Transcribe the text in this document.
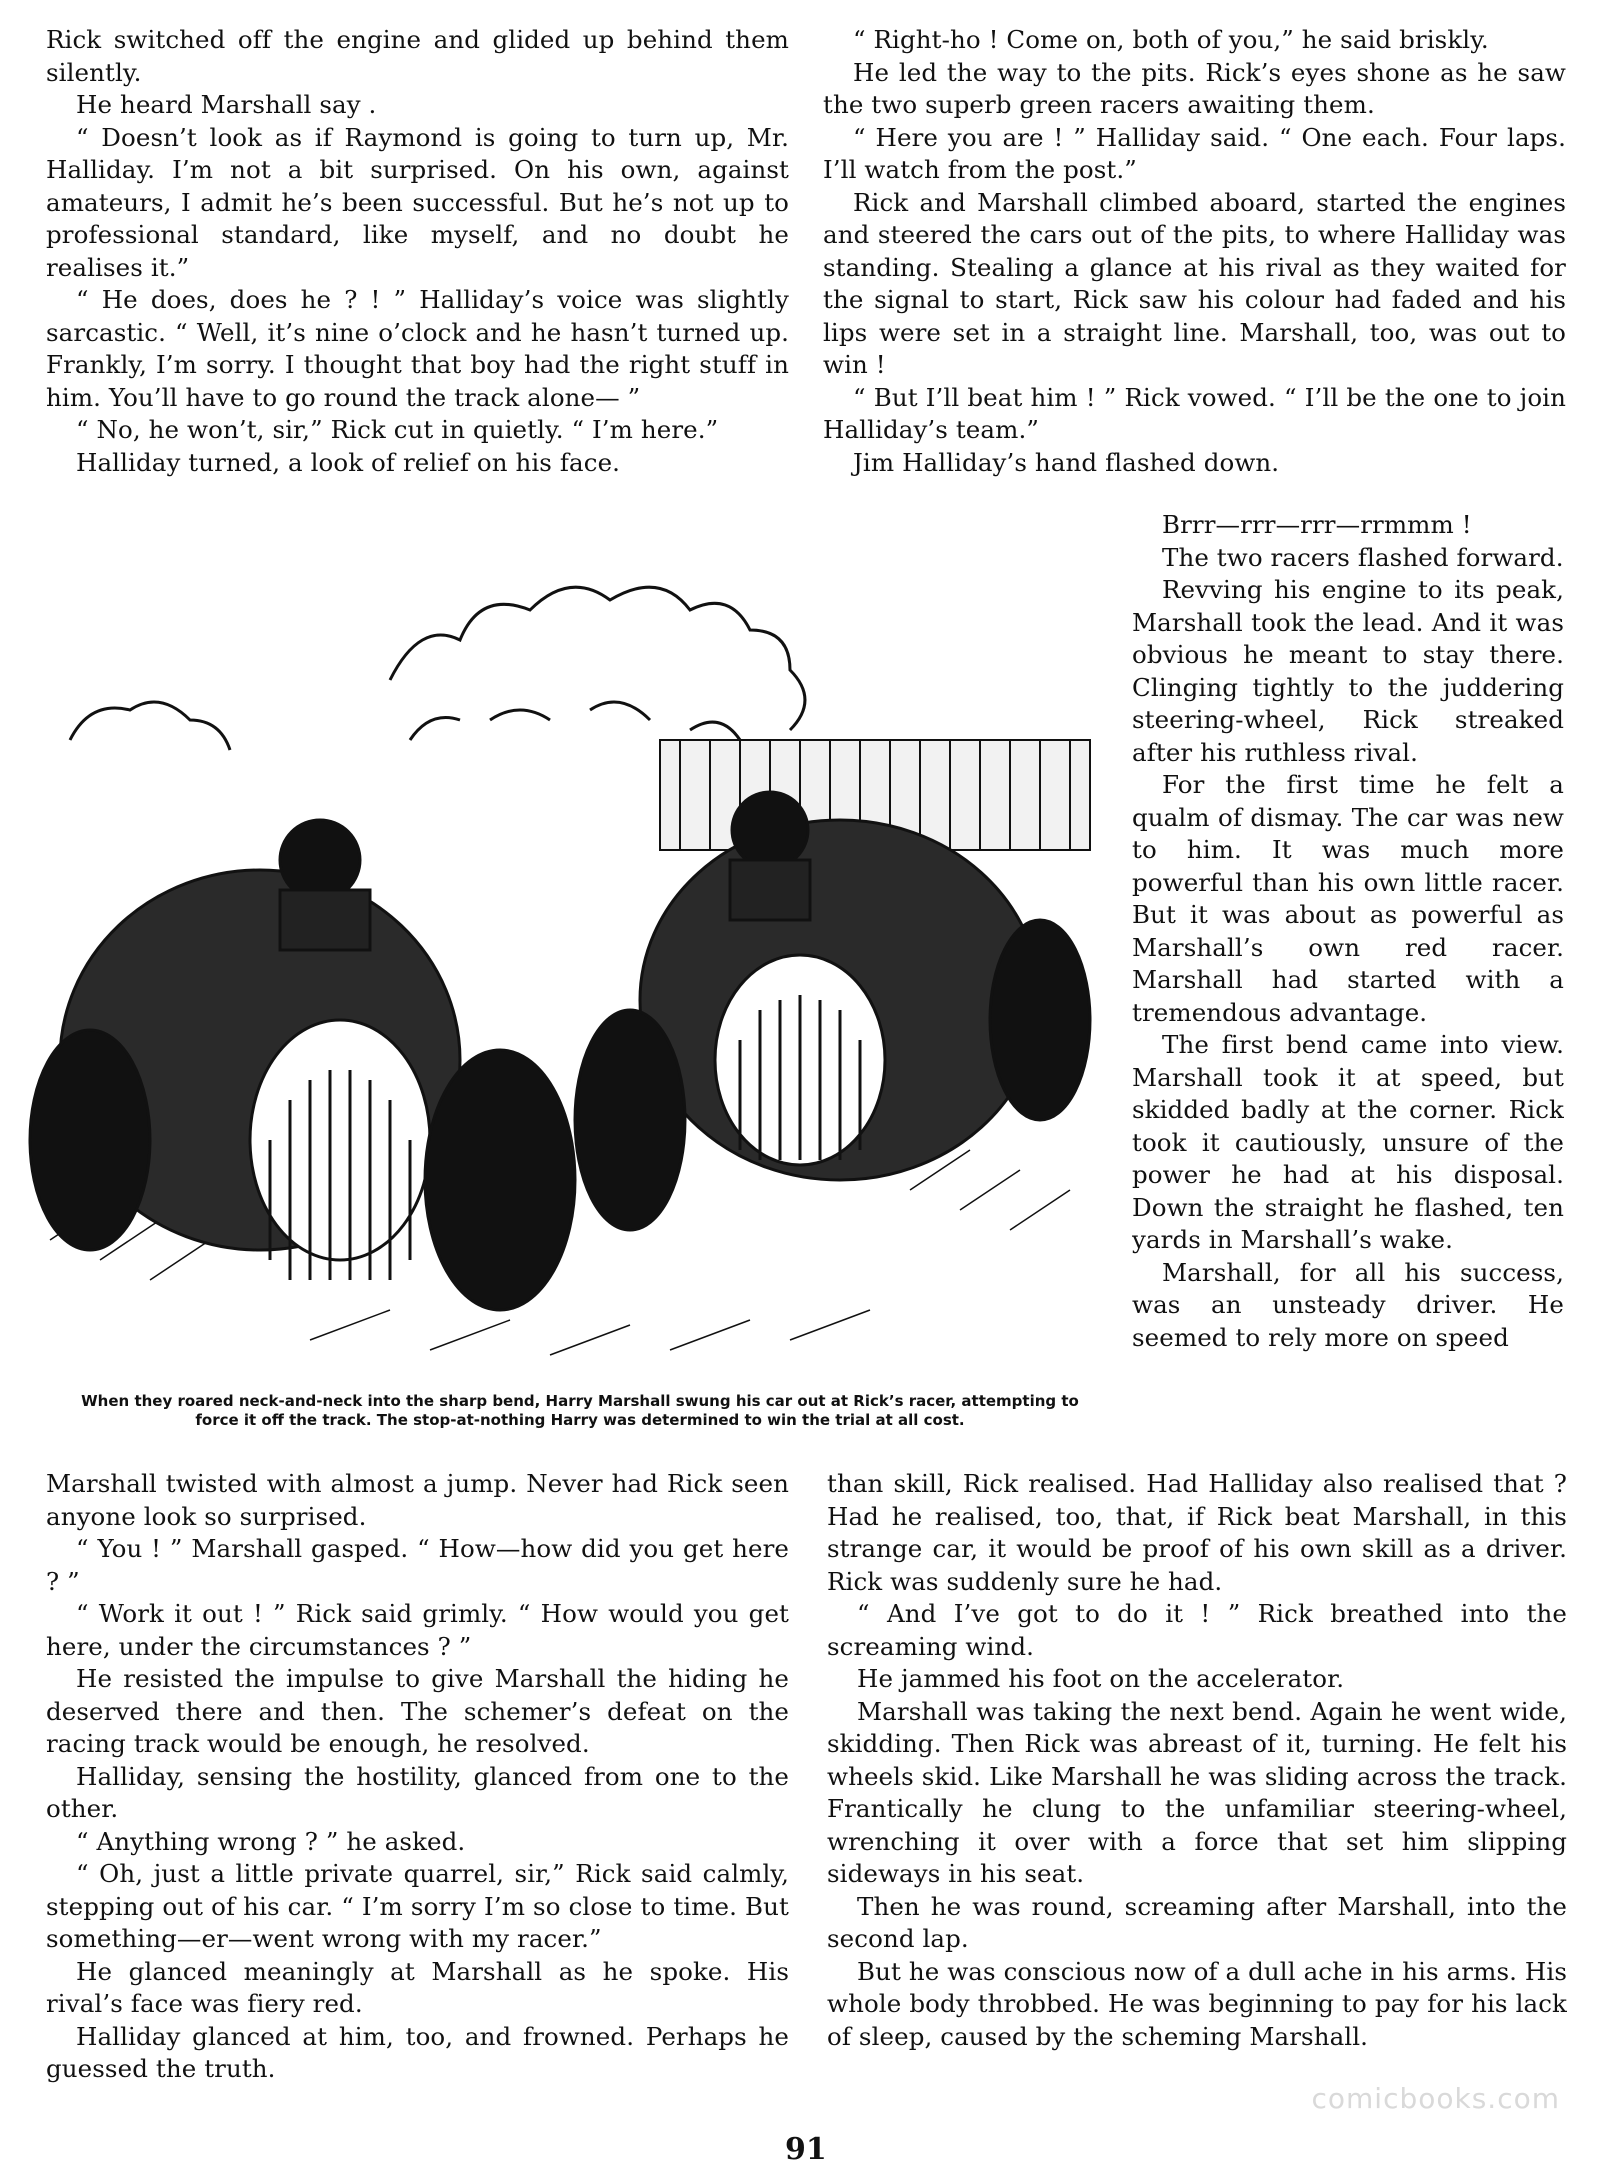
Rick switched off the engine and glided up behind them silently.

He heard Marshall say .

“ Doesn’t look as if Raymond is going to turn up, Mr. Halliday. I’m not a bit surprised. On his own, against amateurs, I admit he’s been successful. But he’s not up to professional standard, like myself, and no doubt he realises it.”

“ He does, does he ? ! ” Halliday’s voice was slightly sarcastic. “ Well, it’s nine o’clock and he hasn’t turned up. Frankly, I’m sorry. I thought that boy had the right stuff in him. You’ll have to go round the track alone— ”

“ No, he won’t, sir,” Rick cut in quietly. “ I’m here.”

Halliday turned, a look of relief on his face.

“ Right-ho ! Come on, both of you,” he said briskly.

He led the way to the pits. Rick’s eyes shone as he saw the two superb green racers awaiting them.

“ Here you are ! ” Halliday said. “ One each. Four laps. I’ll watch from the post.”

Rick and Marshall climbed aboard, started the engines and steered the cars out of the pits, to where Halliday was standing. Stealing a glance at his rival as they waited for the signal to start, Rick saw his colour had faded and his lips were set in a straight line. Marshall, too, was out to win !

“ But I’ll beat him ! ” Rick vowed. “ I’ll be the one to join Halliday’s team.”

Jim Halliday’s hand flashed down.

When they roared neck-and-neck into the sharp bend, Harry Marshall swung his car out at Rick’s racer, attempting to force it off the track. The stop-at-nothing Harry was determined to win the trial at all cost.

Brrr—rrr—rrr—rrmmm !

The two racers flashed forward.

Revving his engine to its peak, Marshall took the lead. And it was obvious he meant to stay there. Clinging tightly to the juddering steering-wheel, Rick streaked after his ruthless rival.

For the first time he felt a qualm of dismay. The car was new to him. It was much more powerful than his own little racer. But it was about as powerful as Marshall’s own red racer. Marshall had started with a tremendous advantage.

The first bend came into view. Marshall took it at speed, but skidded badly at the corner. Rick took it cautiously, unsure of the power he had at his disposal. Down the straight he flashed, ten yards in Marshall’s wake.

Marshall, for all his success, was an unsteady driver. He seemed to rely more on speed

Marshall twisted with almost a jump. Never had Rick seen anyone look so surprised.

“ You ! ” Marshall gasped. “ How—how did you get here ? ”

“ Work it out ! ” Rick said grimly. “ How would you get here, under the circumstances ? ”

He resisted the impulse to give Marshall the hiding he deserved there and then. The schemer’s defeat on the racing track would be enough, he resolved.

Halliday, sensing the hostility, glanced from one to the other.

“ Anything wrong ? ” he asked.

“ Oh, just a little private quarrel, sir,” Rick said calmly, stepping out of his car. “ I’m sorry I’m so close to time. But something—er—went wrong with my racer.”

He glanced meaningly at Marshall as he spoke. His rival’s face was fiery red.

Halliday glanced at him, too, and frowned. Perhaps he guessed the truth.

than skill, Rick realised. Had Halliday also realised that ? Had he realised, too, that, if Rick beat Marshall, in this strange car, it would be proof of his own skill as a driver. Rick was suddenly sure he had.

“ And I’ve got to do it ! ” Rick breathed into the screaming wind.

He jammed his foot on the accelerator.

Marshall was taking the next bend. Again he went wide, skidding. Then Rick was abreast of it, turning. He felt his wheels skid. Like Marshall he was sliding across the track. Frantically he clung to the unfamiliar steering-wheel, wrenching it over with a force that set him slipping sideways in his seat.

Then he was round, screaming after Marshall, into the second lap.

But he was conscious now of a dull ache in his arms. His whole body throbbed. He was beginning to pay for his lack of sleep, caused by the scheming Marshall.

comicbooks.com
91
